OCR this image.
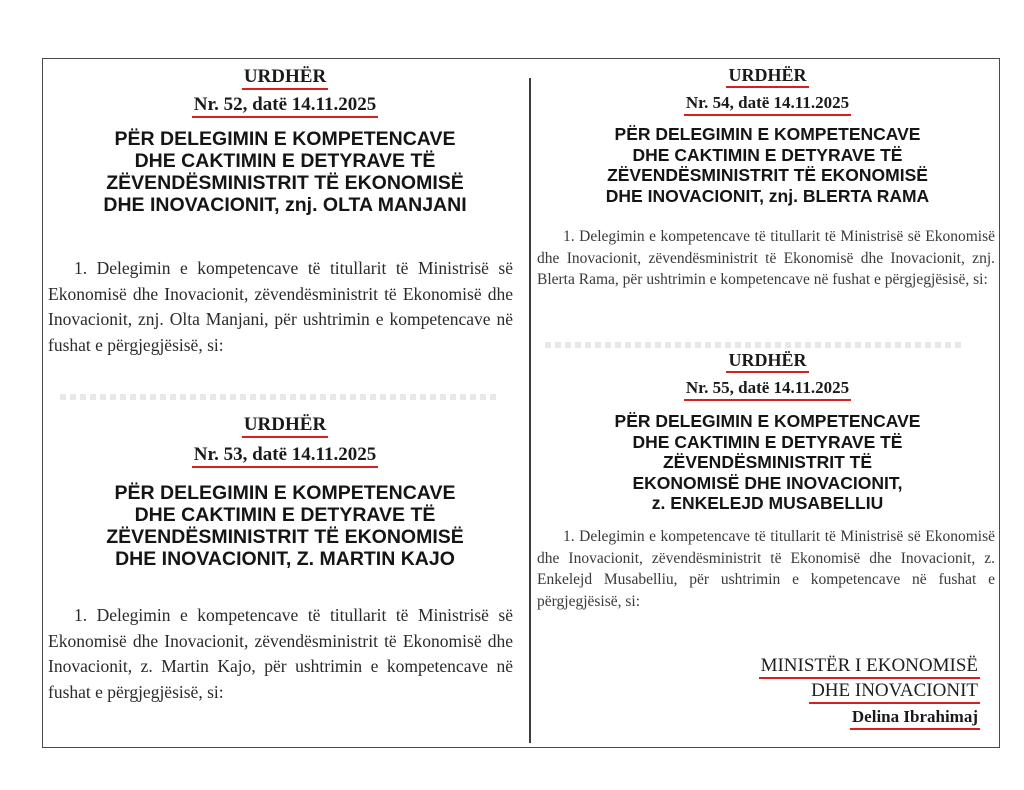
URDHËR
Nr. 52, datë 14.11.2025
PËR DELEGIMIN E KOMPETENCAVE
DHE CAKTIMIN E DETYRAVE TË
ZËVENDËSMINISTRIT TË EKONOMISË
DHE INOVACIONIT, znj. OLTA MANJANI
1. Delegimin e kompetencave të titullarit të Ministrisë së Ekonomisë dhe Inovacionit, zëvendësministrit të Ekonomisë dhe Inovacionit, znj. Olta Manjani, për ushtrimin e kompetencave në fushat e përgjegjësisë, si:
URDHËR
Nr. 53, datë 14.11.2025
PËR DELEGIMIN E KOMPETENCAVE
DHE CAKTIMIN E DETYRAVE TË
ZËVENDËSMINISTRIT TË EKONOMISË
DHE INOVACIONIT, Z. MARTIN KAJO
1. Delegimin e kompetencave të titullarit të Ministrisë së Ekonomisë dhe Inovacionit, zëvendësministrit të Ekonomisë dhe Inovacionit, z. Martin Kajo, për ushtrimin e kompetencave në fushat e përgjegjësisë, si:
URDHËR
Nr. 54, datë 14.11.2025
PËR DELEGIMIN E KOMPETENCAVE
DHE CAKTIMIN E DETYRAVE TË
ZËVENDËSMINISTRIT TË EKONOMISË
DHE INOVACIONIT, znj. BLERTA RAMA
1. Delegimin e kompetencave të titullarit të Ministrisë së Ekonomisë dhe Inovacionit, zëvendësministrit të Ekonomisë dhe Inovacionit, znj. Blerta Rama, për ushtrimin e kompetencave në fushat e përgjegjësisë, si:
URDHËR
Nr. 55, datë 14.11.2025
PËR DELEGIMIN E KOMPETENCAVE
DHE CAKTIMIN E DETYRAVE TË
ZËVENDËSMINISTRIT TË
EKONOMISË DHE INOVACIONIT,
z. ENKELEJD MUSABELLIU
1. Delegimin e kompetencave të titullarit të Ministrisë së Ekonomisë dhe Inovacionit, zëvendësministrit të Ekonomisë dhe Inovacionit, z. Enkelejd Musabelliu, për ushtrimin e kompetencave në fushat e përgjegjësisë, si:
MINISTËR I EKONOMISË
DHE INOVACIONIT
Delina Ibrahimaj
